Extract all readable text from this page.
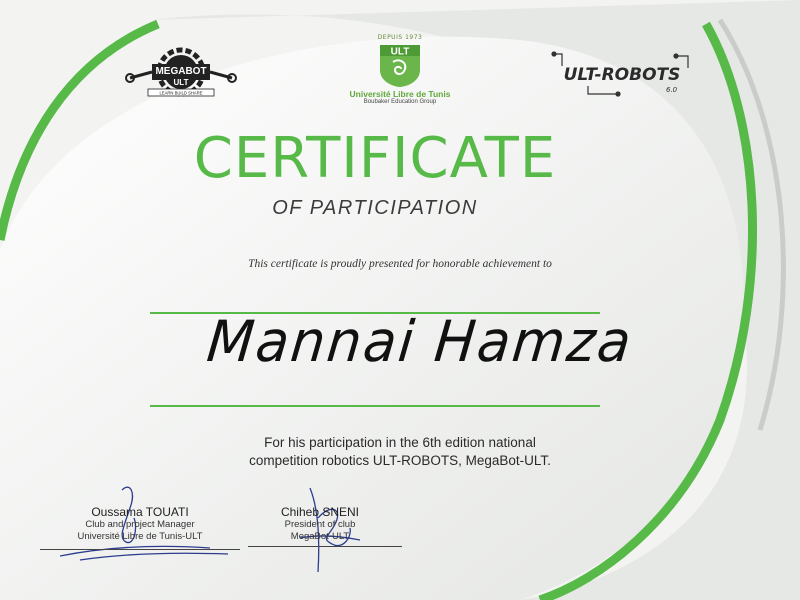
MEGABOT
ULT
LEARN BUILD SHARE
DEPUIS 1973
ULT
Université Libre de Tunis
Boubaker Education Group
ULT-ROBOTS
6.0
CERTIFICATE
OF PARTICIPATION
This certificate is proudly presented for honorable achievement to
Mannai Hamza
For his participation in the 6th edition national
competition robotics ULT-ROBOTS, MegaBot-ULT.
Oussama TOUATI
Club and project Manager
Université Libre de Tunis-ULT
Chiheb SNENI
President of club
MegaBot-ULT
